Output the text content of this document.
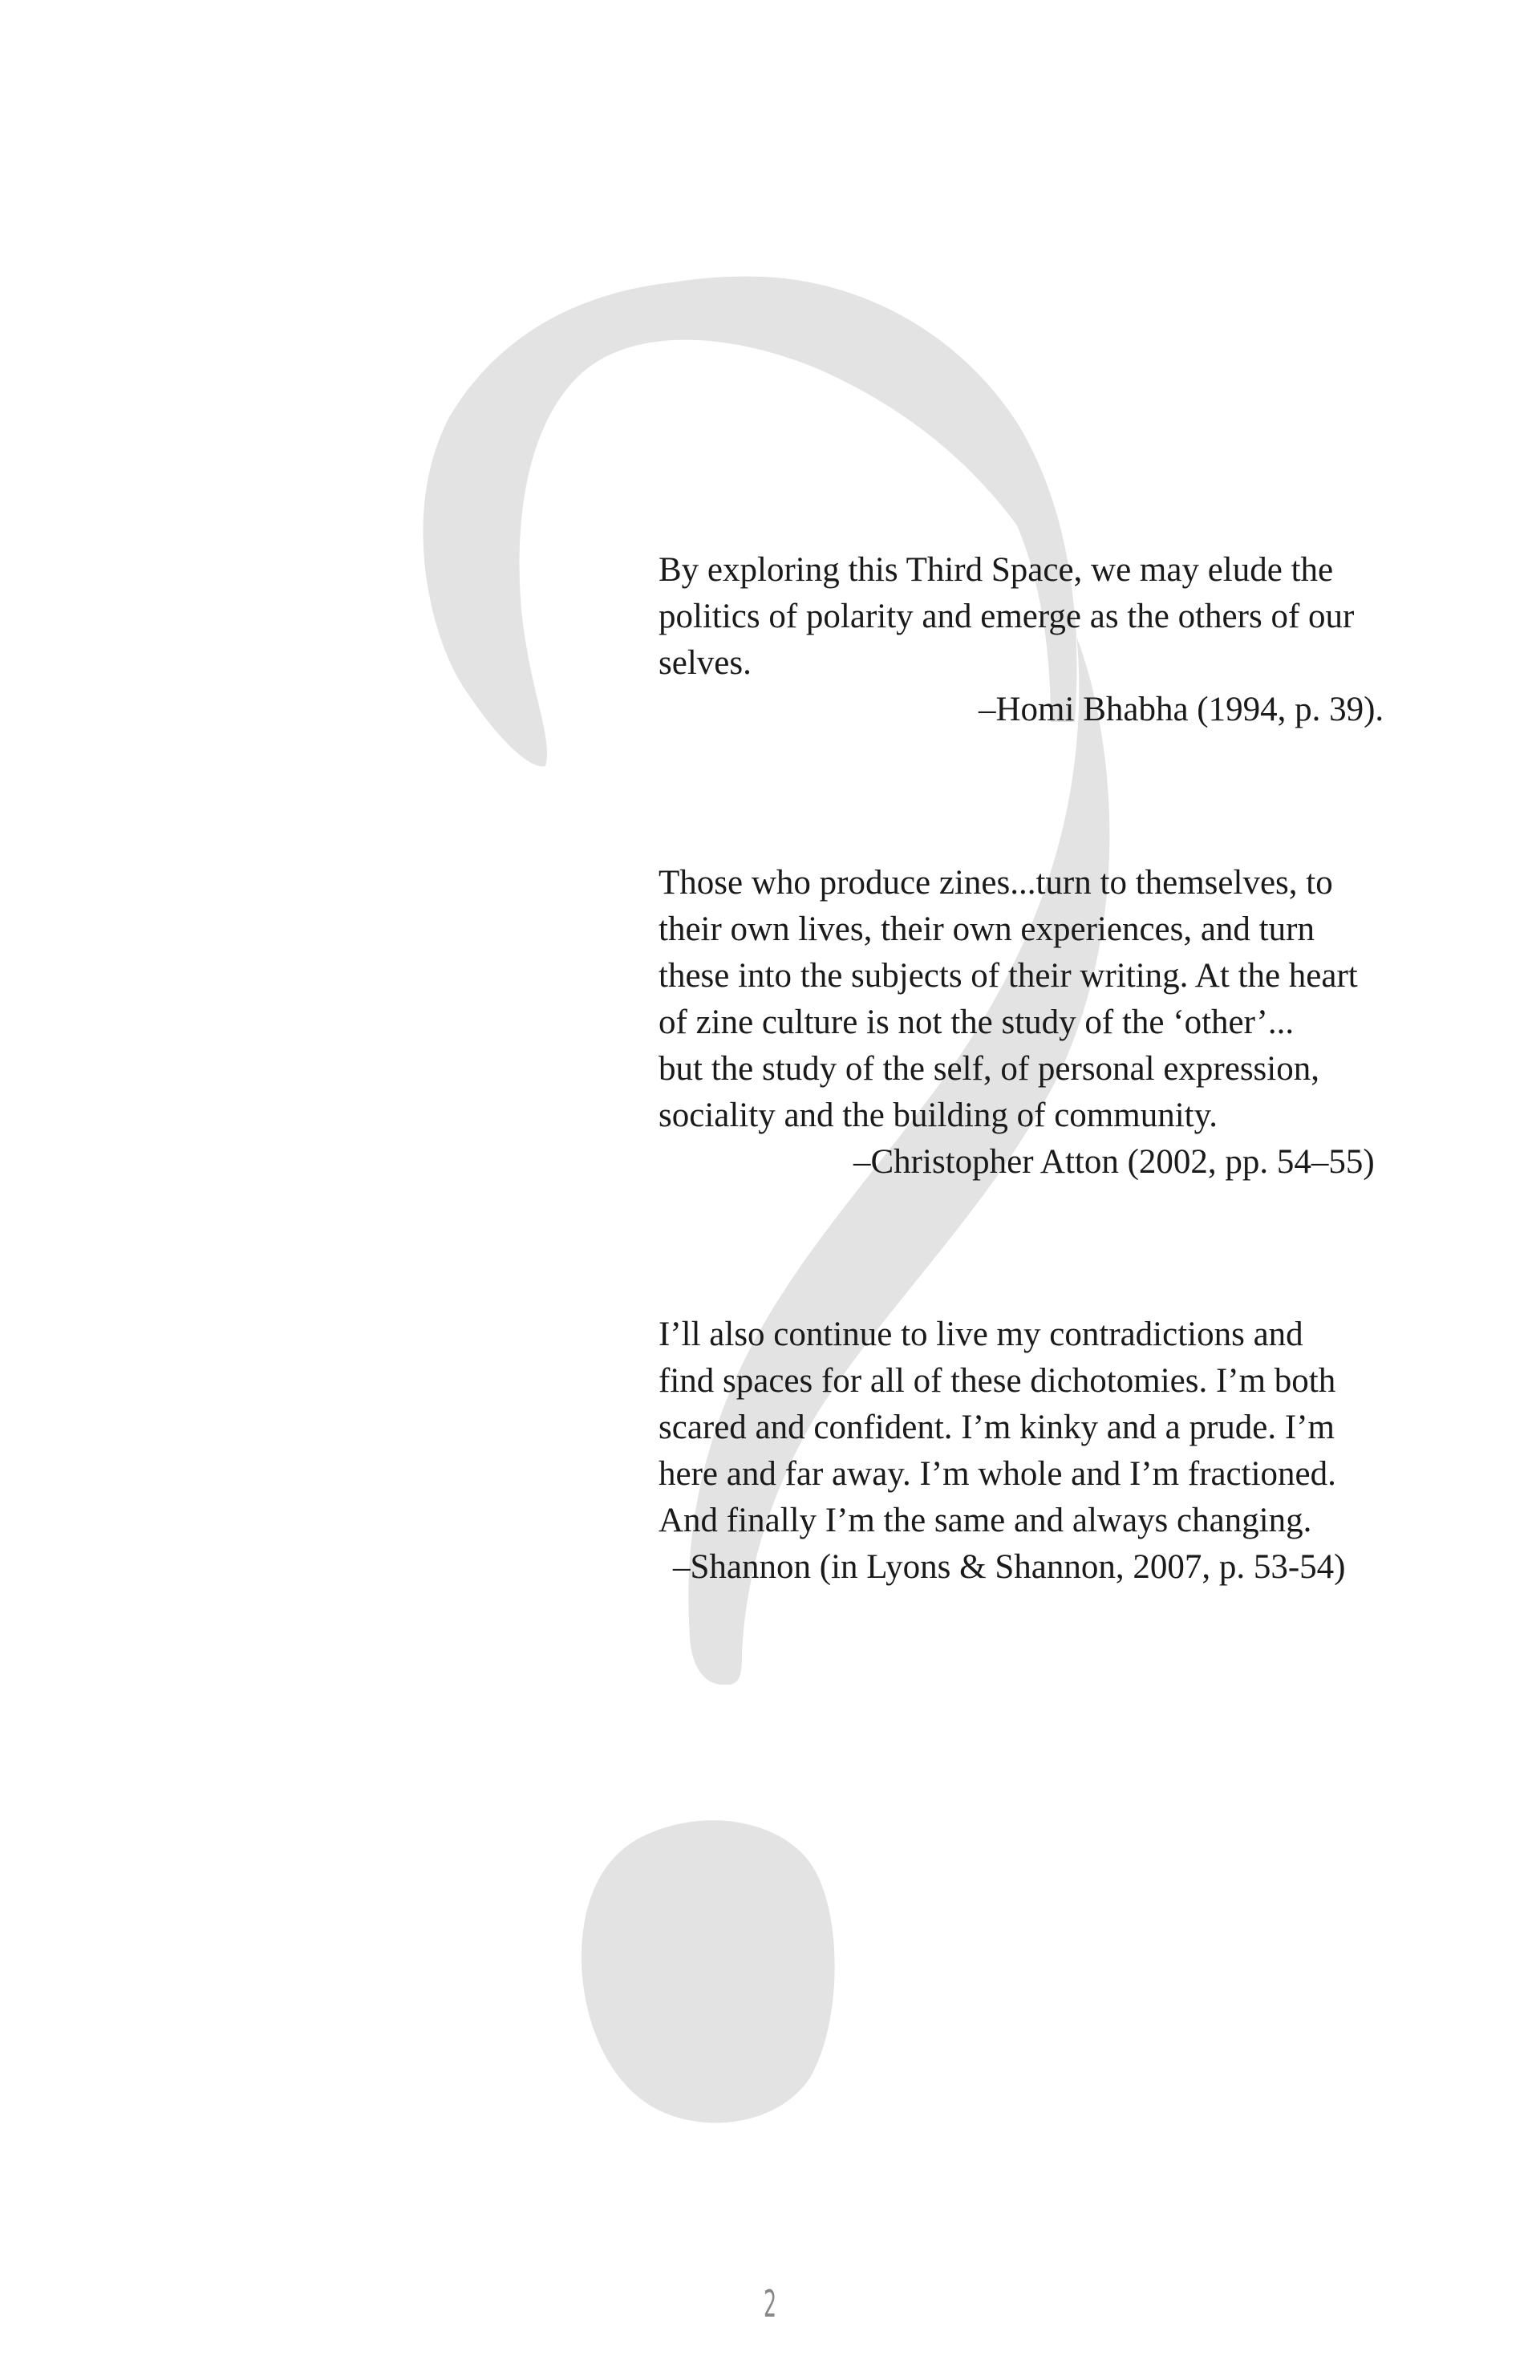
By exploring this Third Space, we may elude the
politics of polarity and emerge as the others of our
selves.

–Homi Bhabha (1994, p. 39).

Those who produce zines...turn to themselves, to
their own lives, their own experiences, and turn
these into the subjects of their writing. At the heart
of zine culture is not the study of the ‘other’...
but the study of the self, of personal expression,
sociality and the building of community.

–Christopher Atton (2002, pp. 54–55)

I’ll also continue to live my contradictions and
find spaces for all of these dichotomies. I’m both
scared and confident. I’m kinky and a prude. I’m
here and far away. I’m whole and I’m fractioned.
And finally I’m the same and always changing.

–Shannon (in Lyons & Shannon, 2007, p. 53-54)

2
